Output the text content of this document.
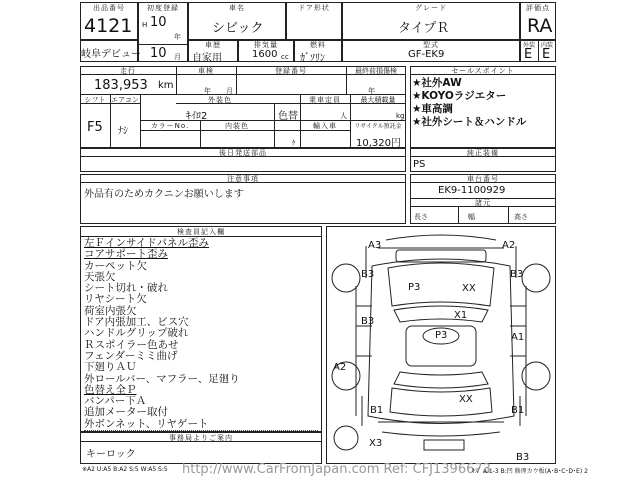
出品番号
4121
初度登録
H 10
年
10 月
車名
シビック
ドア形状	グレード
タイプＲ
評価点
RA
岐阜デビュー
車歴
自家用
排気量
1600 cc
燃料
ｶﾞｿﾘﾝ
型式
GF-EK9
外装 内装
E E
走行
183,953 km
車検
年 月
登録番号	最終前損傷検
年
シフト エアコン
F5 ﾅｼ
外装色
ｷｲﾛ2	色替
カラーNo.	内装色
ｹ
乗車定員
人
輸入車
最大積載量
kg
リサイクル預託金
10,320円
セールスポイント
★社外AW
★KOYOラジエター
★車高調
★社外シート＆ハンドル
後日発送部品	純正装備
PS
注意事項
外品有のためカクニンお願いします
車台番号
EK9-1100929
諸元
長さ	幅	高さ
検査員記入欄
左Ｆインサイドパネル歪み
コアサポート歪み
カーペット欠
天張欠
シート切れ・破れ
リヤシート欠
荷室内張欠
ドア内張加工、ビス穴
ハンドルグリップ破れ
Ｒスポイラー色あせ
フェンダーミミ曲げ
下廻りＡＵ
外ロールバー、マフラー、足廻り
色替え全Ｐ
バンパー下Ａ
追加メーター取付
外ボンネット、リヤゲート
事務局よりご案内
キーロック
A3	A2
B3	B3
P3	XX
B3
X1
P3	A1
A2
XX
B1	B1
X3
B3
※A2 U:A5 B:A2 S:5 W:A5 S:5 http://www.CarFromJapan.com Ref: CFJ1396673
ｷｽﾞ A:1-3 B:凹 修理カウ板(A･B･C･D･E) 2
